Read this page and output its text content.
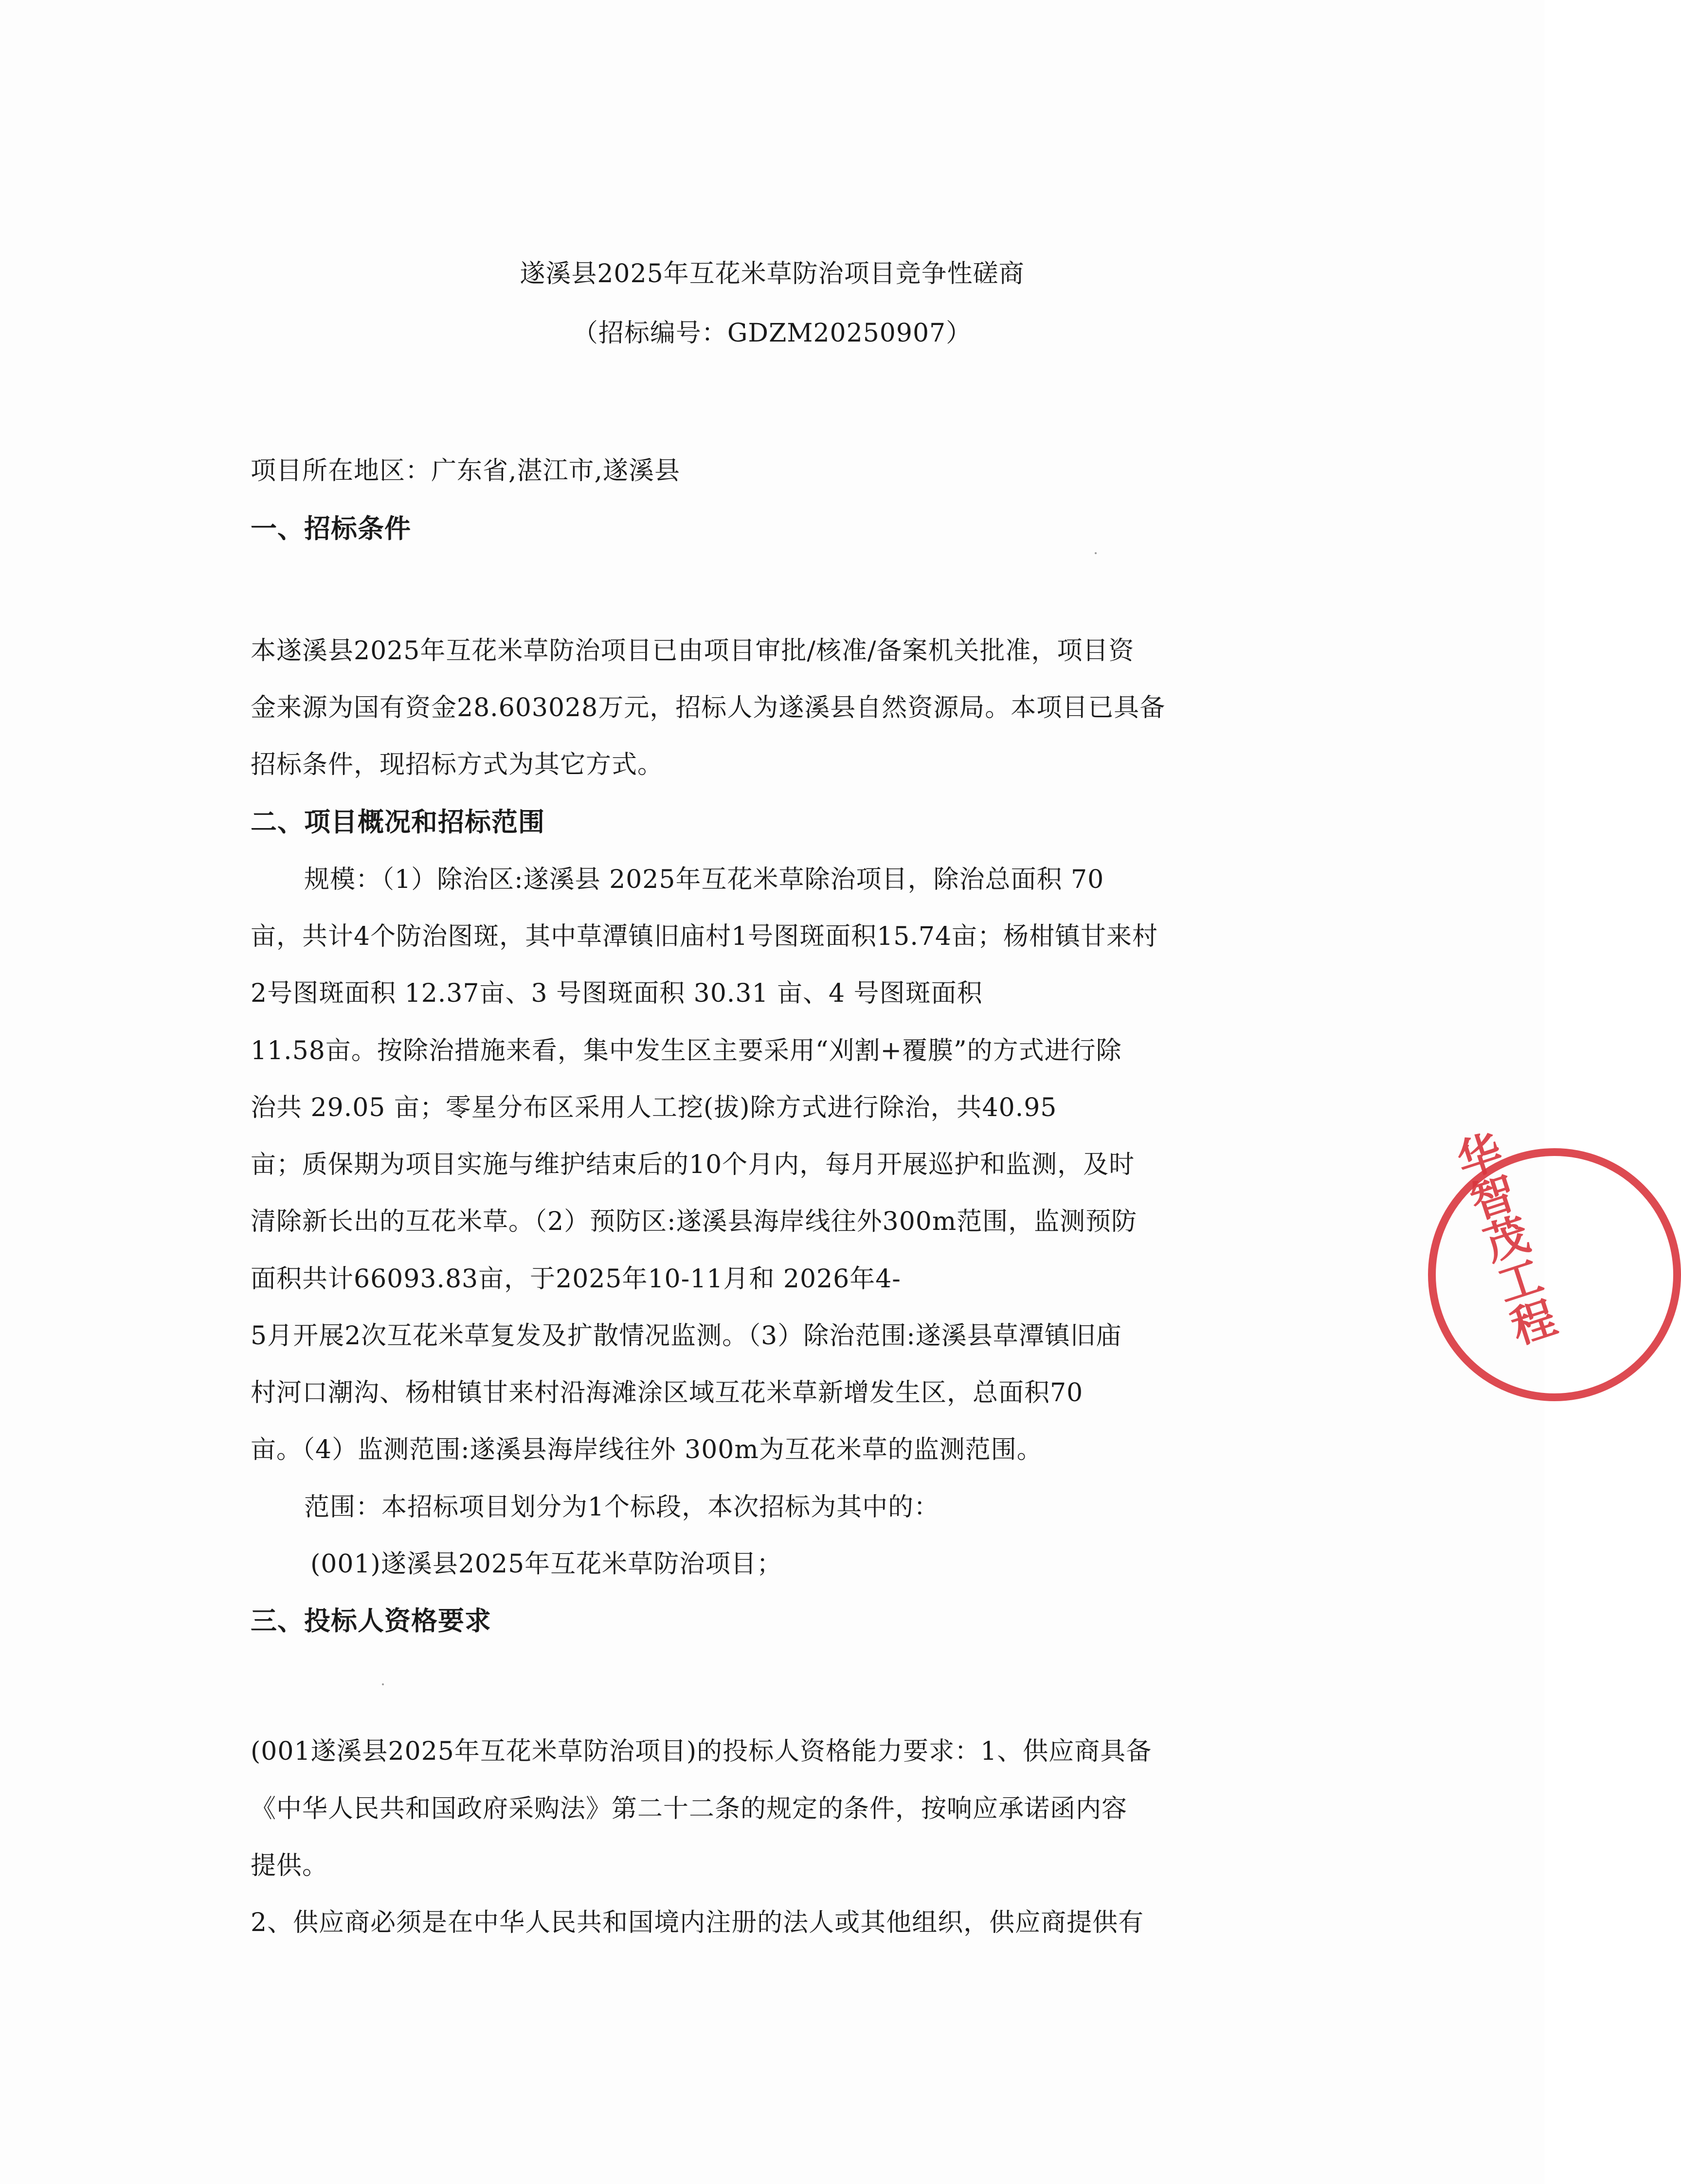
遂溪县2025年互花米草防治项目竞争性磋商
（招标编号：GDZM20250907）
项目所在地区：广东省,湛江市,遂溪县
一、招标条件
本遂溪县2025年互花米草防治项目已由项目审批/核准/备案机关批准，项目资
金来源为国有资金28.603028万元，招标人为遂溪县自然资源局。本项目已具备
招标条件，现招标方式为其它方式。
二、项目概况和招标范围
规模：（1）除治区:遂溪县 2025年互花米草除治项目，除治总面积 70
亩，共计4个防治图斑，其中草潭镇旧庙村1号图斑面积15.74亩；杨柑镇甘来村
2号图斑面积 12.37亩、3 号图斑面积 30.31 亩、4 号图斑面积
11.58亩。按除治措施来看，集中发生区主要采用“刈割+覆膜”的方式进行除
治共 29.05 亩；零星分布区采用人工挖(拔)除方式进行除治，共40.95
亩；质保期为项目实施与维护结束后的10个月内，每月开展巡护和监测，及时
清除新长出的互花米草。（2）预防区:遂溪县海岸线往外300m范围，监测预防
面积共计66093.83亩，于2025年10-11月和 2026年4-
5月开展2次互花米草复发及扩散情况监测。（3）除治范围:遂溪县草潭镇旧庙
村河口潮沟、杨柑镇甘来村沿海滩涂区域互花米草新增发生区，总面积70
亩。（4）监测范围:遂溪县海岸线往外 300m为互花米草的监测范围。
范围：本招标项目划分为1个标段，本次招标为其中的：
(001)遂溪县2025年互花米草防治项目；
三、投标人资格要求
(001遂溪县2025年互花米草防治项目)的投标人资格能力要求：1、供应商具备
《中华人民共和国政府采购法》第二十二条的规定的条件，按响应承诺函内容
提供。
2、供应商必须是在中华人民共和国境内注册的法人或其他组织，供应商提供有
华智茂工程
